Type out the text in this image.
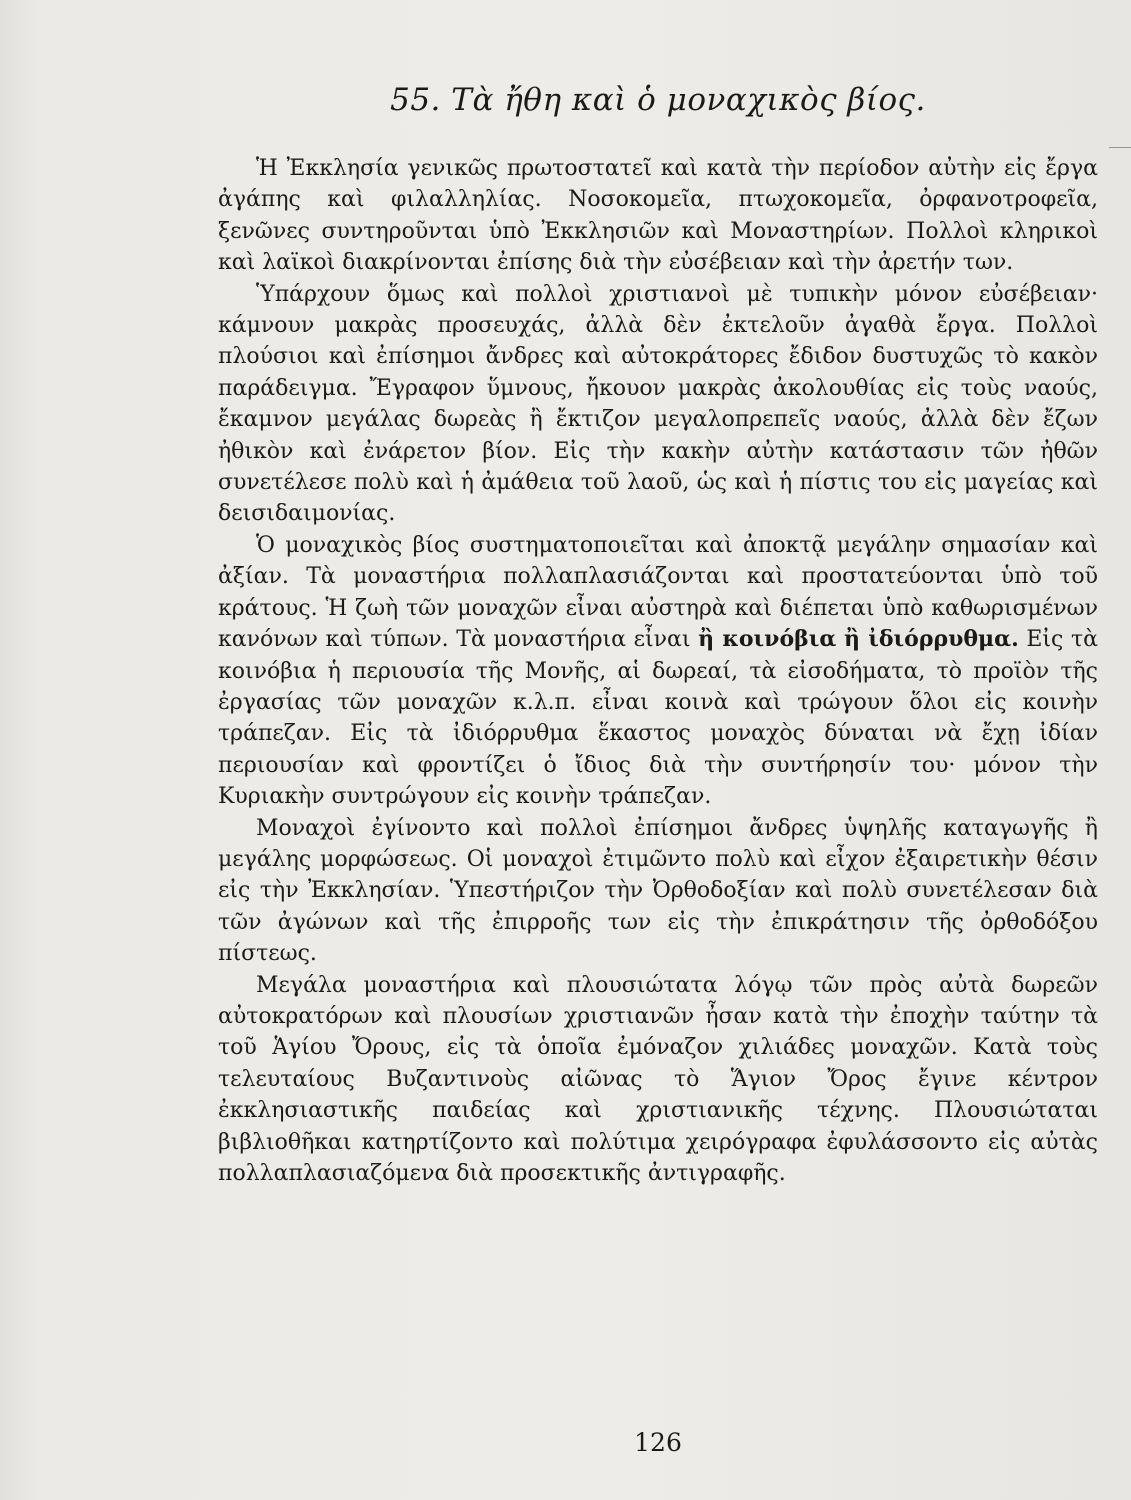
55. Τὰ ἤθη καὶ ὁ μοναχικὸς βίος.

Ἡ Ἐκκλησία γενικῶς πρωτοστατεῖ καὶ κατὰ τὴν περίοδον αὐτὴν εἰς ἔργα ἀγάπης καὶ φιλαλληλίας. Νοσοκομεῖα, πτωχοκομεῖα, ὀρφανοτροφεῖα, ξενῶνες συντηροῦνται ὑπὸ Ἐκκλησιῶν καὶ Μοναστηρίων. Πολλοὶ κληρικοὶ καὶ λαϊκοὶ διακρίνονται ἐπίσης διὰ τὴν εὐσέβειαν καὶ τὴν ἀρετήν των.

Ὑπάρχουν ὅμως καὶ πολλοὶ χριστιανοὶ μὲ τυπικὴν μόνον εὐσέβειαν· κάμνουν μακρὰς προσευχάς, ἀλλὰ δὲν ἐκτελοῦν ἀγαθὰ ἔργα. Πολλοὶ πλούσιοι καὶ ἐπίσημοι ἄνδρες καὶ αὐτοκράτορες ἔδιδον δυστυχῶς τὸ κακὸν παράδειγμα. Ἔγραφον ὕμνους, ἤκουον μακρὰς ἀκολουθίας εἰς τοὺς ναούς, ἔκαμνον μεγάλας δωρεὰς ἢ ἔκτιζον μεγαλοπρεπεῖς ναούς, ἀλλὰ δὲν ἔζων ἠθικὸν καὶ ἐνάρετον βίον. Εἰς τὴν κακὴν αὐτὴν κατάστασιν τῶν ἠθῶν συνετέλεσε πολὺ καὶ ἡ ἀμάθεια τοῦ λαοῦ, ὡς καὶ ἡ πίστις του εἰς μαγείας καὶ δεισιδαιμονίας.

Ὁ μοναχικὸς βίος συστηματοποιεῖται καὶ ἀποκτᾷ μεγάλην σημασίαν καὶ ἀξίαν. Τὰ μοναστήρια πολλαπλασιάζονται καὶ προστατεύονται ὑπὸ τοῦ κράτους. Ἡ ζωὴ τῶν μοναχῶν εἶναι αὐστηρὰ καὶ διέπεται ὑπὸ καθωρισμένων κανόνων καὶ τύπων. Τὰ μοναστήρια εἶναι ἢ κοινόβια ἢ ἰδιόρρυθμα. Εἰς τὰ κοινόβια ἡ περιουσία τῆς Μονῆς, αἱ δωρεαί, τὰ εἰσοδήματα, τὸ προϊὸν τῆς ἐργασίας τῶν μοναχῶν κ.λ.π. εἶναι κοινὰ καὶ τρώγουν ὅλοι εἰς κοινὴν τράπεζαν. Εἰς τὰ ἰδιόρρυθμα ἕκαστος μοναχὸς δύναται νὰ ἔχῃ ἰδίαν περιουσίαν καὶ φροντίζει ὁ ἴδιος διὰ τὴν συντήρησίν του· μόνον τὴν Κυριακὴν συντρώγουν εἰς κοινὴν τράπεζαν.

Μοναχοὶ ἐγίνοντο καὶ πολλοὶ ἐπίσημοι ἄνδρες ὑψηλῆς καταγωγῆς ἢ μεγάλης μορφώσεως. Οἱ μοναχοὶ ἐτιμῶντο πολὺ καὶ εἶχον ἐξαιρετικὴν θέσιν εἰς τὴν Ἐκκλησίαν. Ὑπεστήριζον τὴν Ὀρθοδοξίαν καὶ πολὺ συνετέλεσαν διὰ τῶν ἀγώνων καὶ τῆς ἐπιρροῆς των εἰς τὴν ἐπικράτησιν τῆς ὀρθοδόξου πίστεως.

Μεγάλα μοναστήρια καὶ πλουσιώτατα λόγῳ τῶν πρὸς αὐτὰ δωρεῶν αὐτοκρατόρων καὶ πλουσίων χριστιανῶν ἦσαν κατὰ τὴν ἐποχὴν ταύτην τὰ τοῦ Ἁγίου Ὄρους, εἰς τὰ ὁποῖα ἐμόναζον χιλιάδες μοναχῶν. Κατὰ τοὺς τελευταίους Βυζαντινοὺς αἰῶνας τὸ Ἅγιον Ὄρος ἔγινε κέντρον ἐκκλησιαστικῆς παιδείας καὶ χριστιανικῆς τέχνης. Πλουσιώταται βιβλιοθῆκαι κατηρτίζοντο καὶ πολύτιμα χειρόγραφα ἐφυλάσσοντο εἰς αὐτὰς πολλαπλασιαζόμενα διὰ προσεκτικῆς ἀντιγραφῆς.

126
